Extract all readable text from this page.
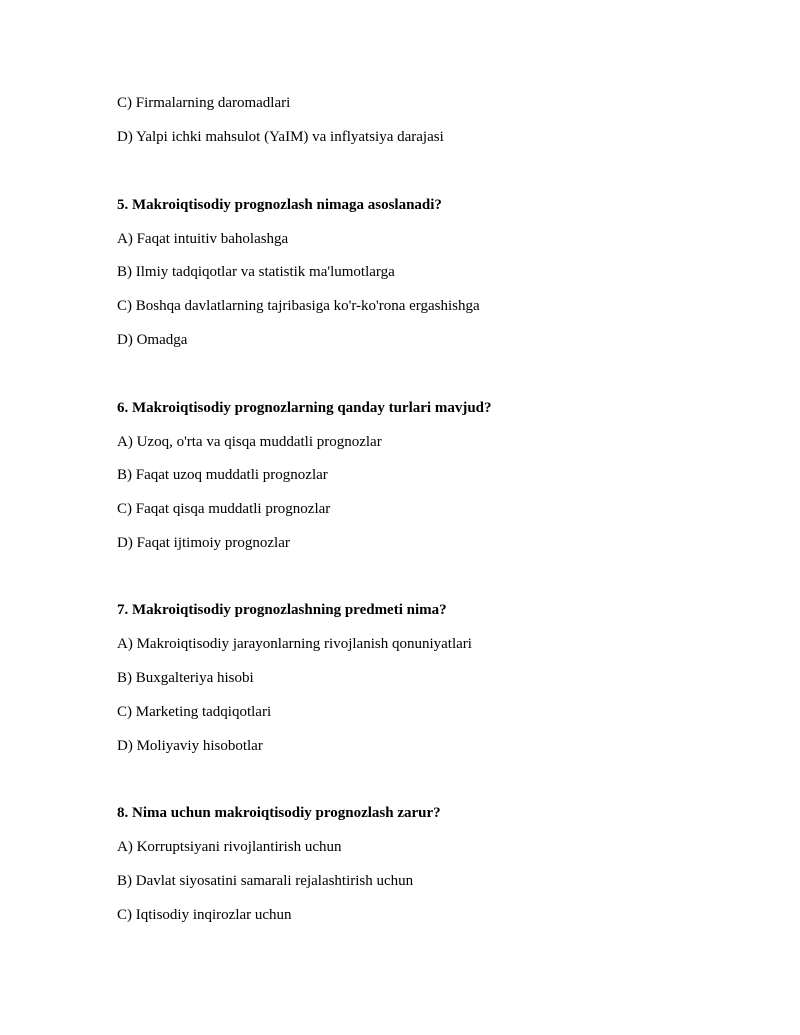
C) Firmalarning daromadlari
D) Yalpi ichki mahsulot (YaIM) va inflyatsiya darajasi
5. Makroiqtisodiy prognozlash nimaga asoslanadi?
A) Faqat intuitiv baholashga
B) Ilmiy tadqiqotlar va statistik ma'lumotlarga
C) Boshqa davlatlarning tajribasiga ko'r-ko'rona ergashishga
D) Omadga
6. Makroiqtisodiy prognozlarning qanday turlari mavjud?
A) Uzoq, o'rta va qisqa muddatli prognozlar
B) Faqat uzoq muddatli prognozlar
C) Faqat qisqa muddatli prognozlar
D) Faqat ijtimoiy prognozlar
7. Makroiqtisodiy prognozlashning predmeti nima?
A) Makroiqtisodiy jarayonlarning rivojlanish qonuniyatlari
B) Buxgalteriya hisobi
C) Marketing tadqiqotlari
D) Moliyaviy hisobotlar
8. Nima uchun makroiqtisodiy prognozlash zarur?
A) Korruptsiyani rivojlantirish uchun
B) Davlat siyosatini samarali rejalashtirish uchun
C) Iqtisodiy inqirozlar uchun
